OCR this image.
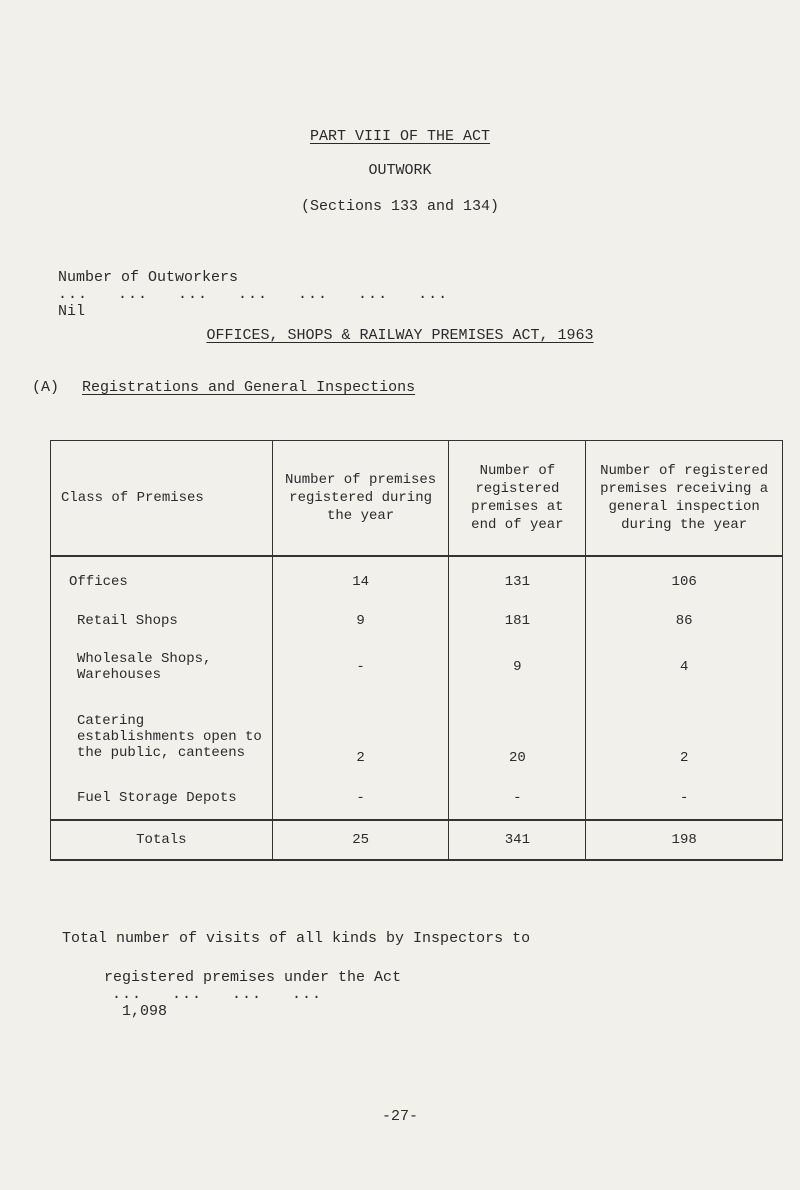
PART VIII OF THE ACT
OUTWORK
(Sections 133 and 134)

Number of Outworkers
...   ...   ...   ...   ...   ...   ...
Nil

OFFICES, SHOPS & RAILWAY PREMISES ACT, 1963
(A) Registrations and General Inspections
Class of Premises	Number of premises registered during the year	Number of registered premises at end of year	Number of registered premises receiving a general inspection during the year
Offices	14	131	106
Retail Shops	9	181	86
Wholesale Shops, Warehouses	-	9	4
Catering establishments open to the public, canteens	2	20	2
Fuel Storage Depots	-	-	-
Totals	25	341	198
Total number of visits of all kinds by Inspectors to

registered premises under the Act
...   ...   ...   ...
1,098

-27-
